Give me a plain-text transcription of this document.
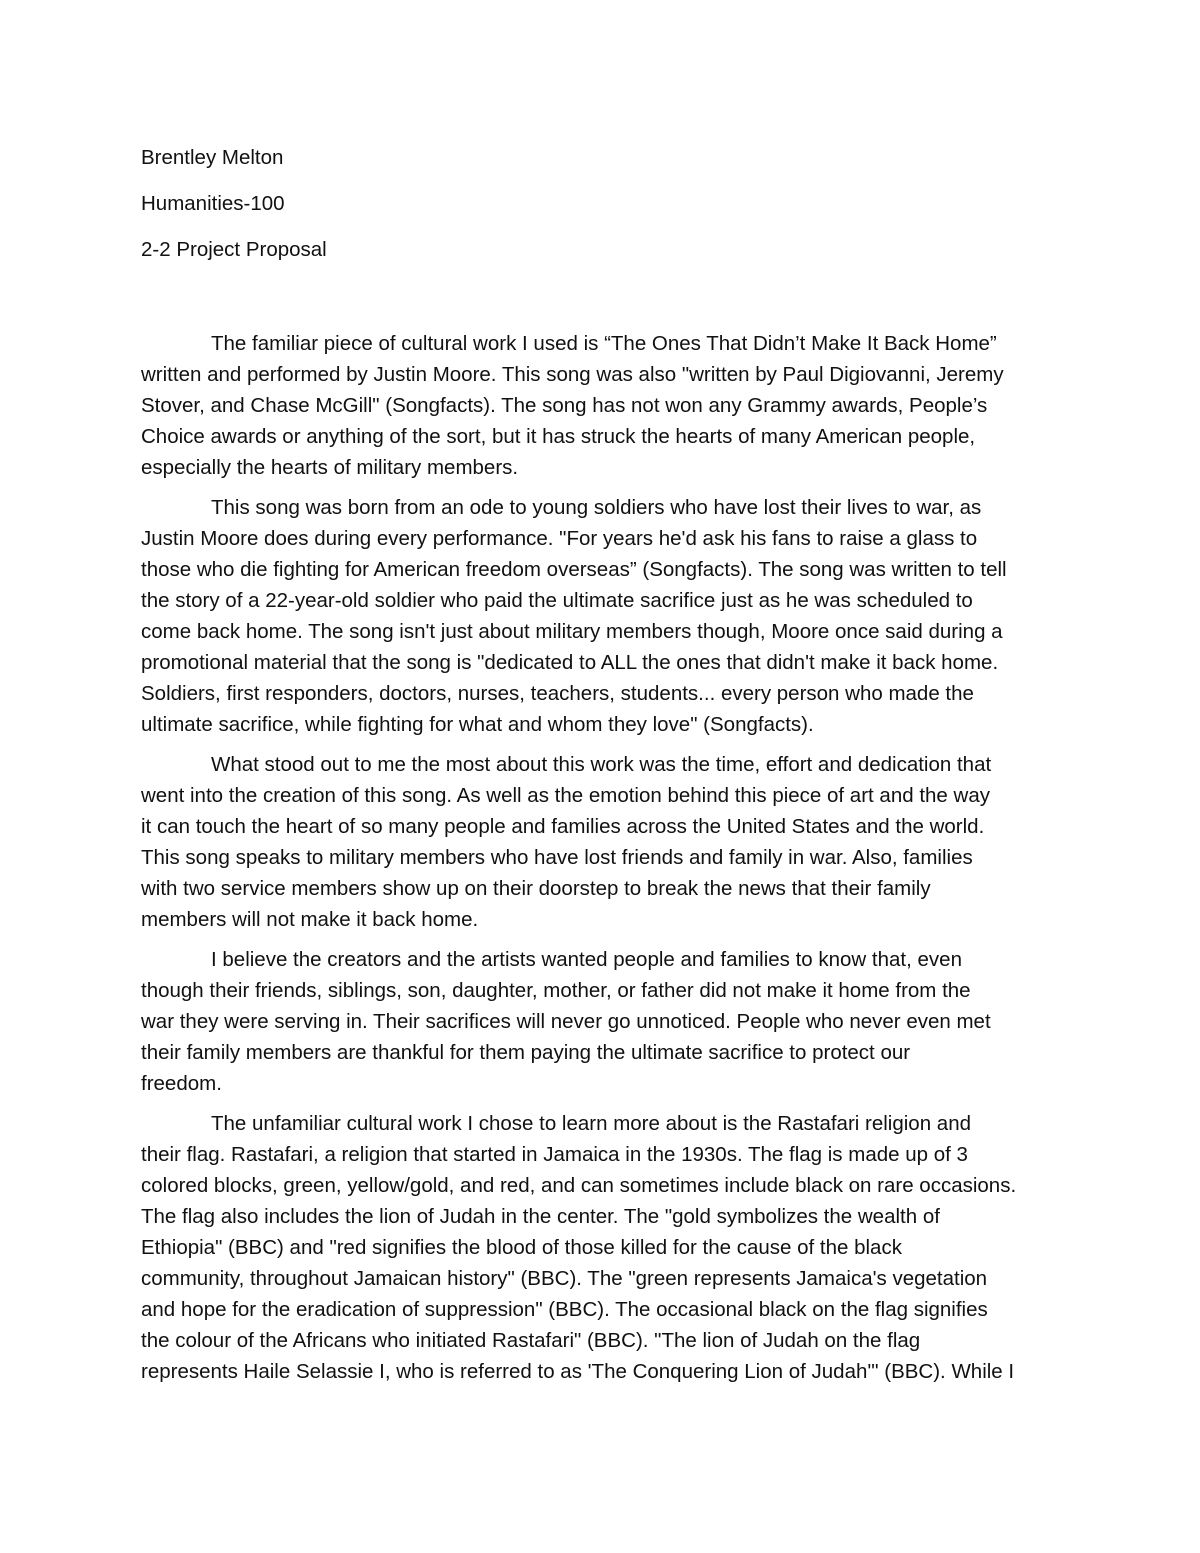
Brentley Melton
Humanities-100
2-2 Project Proposal
The familiar piece of cultural work I used is “The Ones That Didn’t Make It Back Home”
written and performed by Justin Moore. This song was also "written by Paul Digiovanni, Jeremy
Stover, and Chase McGill" (Songfacts). The song has not won any Grammy awards, People’s
Choice awards or anything of the sort, but it has struck the hearts of many American people,
especially the hearts of military members.
This song was born from an ode to young soldiers who have lost their lives to war, as
Justin Moore does during every performance. "For years he'd ask his fans to raise a glass to
those who die fighting for American freedom overseas” (Songfacts). The song was written to tell
the story of a 22-year-old soldier who paid the ultimate sacrifice just as he was scheduled to
come back home. The song isn't just about military members though, Moore once said during a
promotional material that the song is "dedicated to ALL the ones that didn't make it back home.
Soldiers, first responders, doctors, nurses, teachers, students... every person who made the
ultimate sacrifice, while fighting for what and whom they love" (Songfacts).
What stood out to me the most about this work was the time, effort and dedication that
went into the creation of this song. As well as the emotion behind this piece of art and the way
it can touch the heart of so many people and families across the United States and the world.
This song speaks to military members who have lost friends and family in war. Also, families
with two service members show up on their doorstep to break the news that their family
members will not make it back home.
I believe the creators and the artists wanted people and families to know that, even
though their friends, siblings, son, daughter, mother, or father did not make it home from the
war they were serving in. Their sacrifices will never go unnoticed. People who never even met
their family members are thankful for them paying the ultimate sacrifice to protect our
freedom.
The unfamiliar cultural work I chose to learn more about is the Rastafari religion and
their flag. Rastafari, a religion that started in Jamaica in the 1930s. The flag is made up of 3
colored blocks, green, yellow/gold, and red, and can sometimes include black on rare occasions.
The flag also includes the lion of Judah in the center. The "gold symbolizes the wealth of
Ethiopia" (BBC) and "red signifies the blood of those killed for the cause of the black
community, throughout Jamaican history" (BBC). The "green represents Jamaica's vegetation
and hope for the eradication of suppression" (BBC). The occasional black on the flag signifies
the colour of the Africans who initiated Rastafari" (BBC). "The lion of Judah on the flag
represents Haile Selassie I, who is referred to as 'The Conquering Lion of Judah'" (BBC). While I
